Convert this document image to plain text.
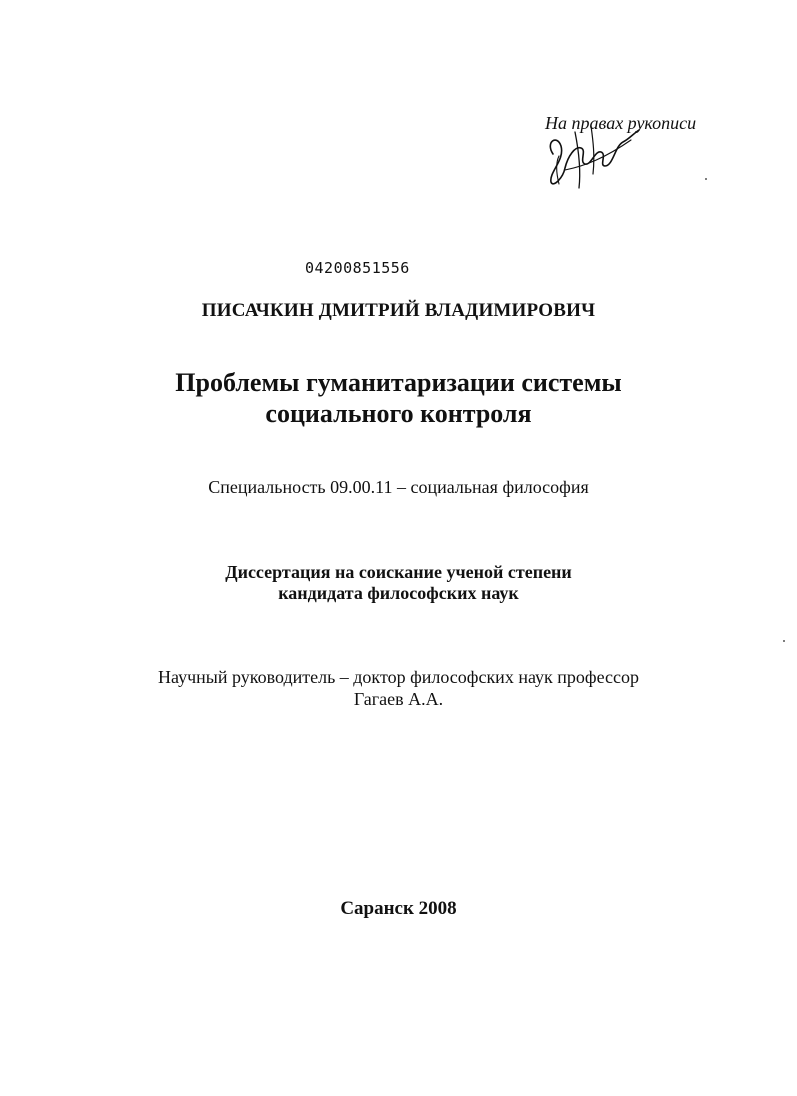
На правах рукописи
04200851556
ПИСАЧКИН ДМИТРИЙ ВЛАДИМИРОВИЧ
Проблемы гуманитаризации системы
социального контроля
Специальность 09.00.11 – социальная философия
Диссертация на соискание ученой степени
кандидата философских наук
Научный руководитель – доктор философских наук профессор
Гагаев А.А.
Саранск 2008
